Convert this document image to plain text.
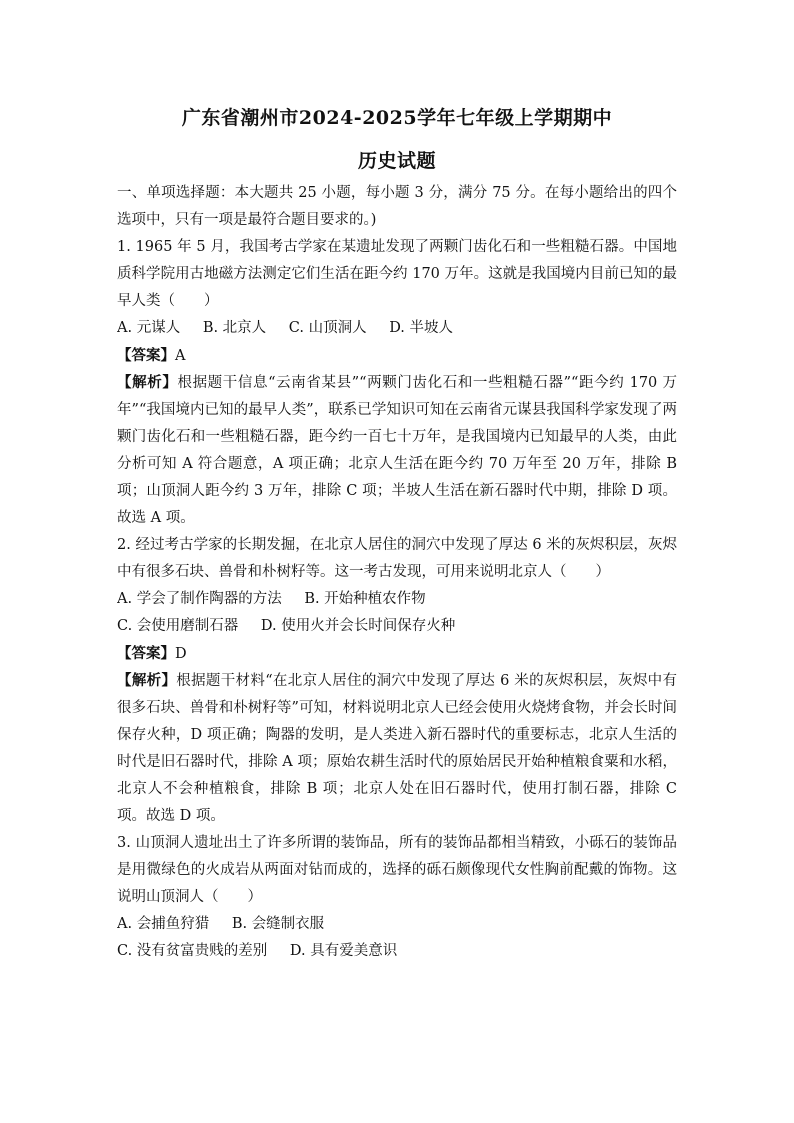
广东省潮州市2024-2025学年七年级上学期期中
历史试题
一、单项选择题：本大题共 25 小题，每小题 3 分，满分 75 分。在每小题给出的四个选项中，只有一项是最符合题目要求的。)
1. 1965 年 5 月，我国考古学家在某遗址发现了两颗门齿化石和一些粗糙石器。中国地质科学院用古地磁方法测定它们生活在距今约 170 万年。这就是我国境内目前已知的最早人类（　　）
A. 元谋人 B. 北京人 C. 山顶洞人 D. 半坡人
【答案】A
【解析】根据题干信息“云南省某县”“两颗门齿化石和一些粗糙石器”“距今约 170 万年”“我国境内已知的最早人类”，联系已学知识可知在云南省元谋县我国科学家发现了两颗门齿化石和一些粗糙石器，距今约一百七十万年，是我国境内已知最早的人类，由此分析可知 A 符合题意，A 项正确；北京人生活在距今约 70 万年至 20 万年，排除 B 项；山顶洞人距今约 3 万年，排除 C 项；半坡人生活在新石器时代中期，排除 D 项。故选 A 项。
2. 经过考古学家的长期发掘，在北京人居住的洞穴中发现了厚达 6 米的灰烬积层，灰烬中有很多石块、兽骨和朴树籽等。这一考古发现，可用来说明北京人（　　）
A. 学会了制作陶器的方法 B. 开始种植农作物
C. 会使用磨制石器 D. 使用火并会长时间保存火种
【答案】D
【解析】根据题干材料“在北京人居住的洞穴中发现了厚达 6 米的灰烬积层，灰烬中有很多石块、兽骨和朴树籽等”可知，材料说明北京人已经会使用火烧烤食物，并会长时间保存火种，D 项正确；陶器的发明，是人类进入新石器时代的重要标志，北京人生活的时代是旧石器时代，排除 A 项；原始农耕生活时代的原始居民开始种植粮食粟和水稻，北京人不会种植粮食，排除 B 项；北京人处在旧石器时代，使用打制石器，排除 C 项。故选 D 项。
3. 山顶洞人遗址出土了许多所谓的装饰品，所有的装饰品都相当精致，小砾石的装饰品是用微绿色的火成岩从两面对钻而成的，选择的砾石颇像现代女性胸前配戴的饰物。这说明山顶洞人（　　）
A. 会捕鱼狩猎 B. 会缝制衣服
C. 没有贫富贵贱的差别 D. 具有爱美意识
